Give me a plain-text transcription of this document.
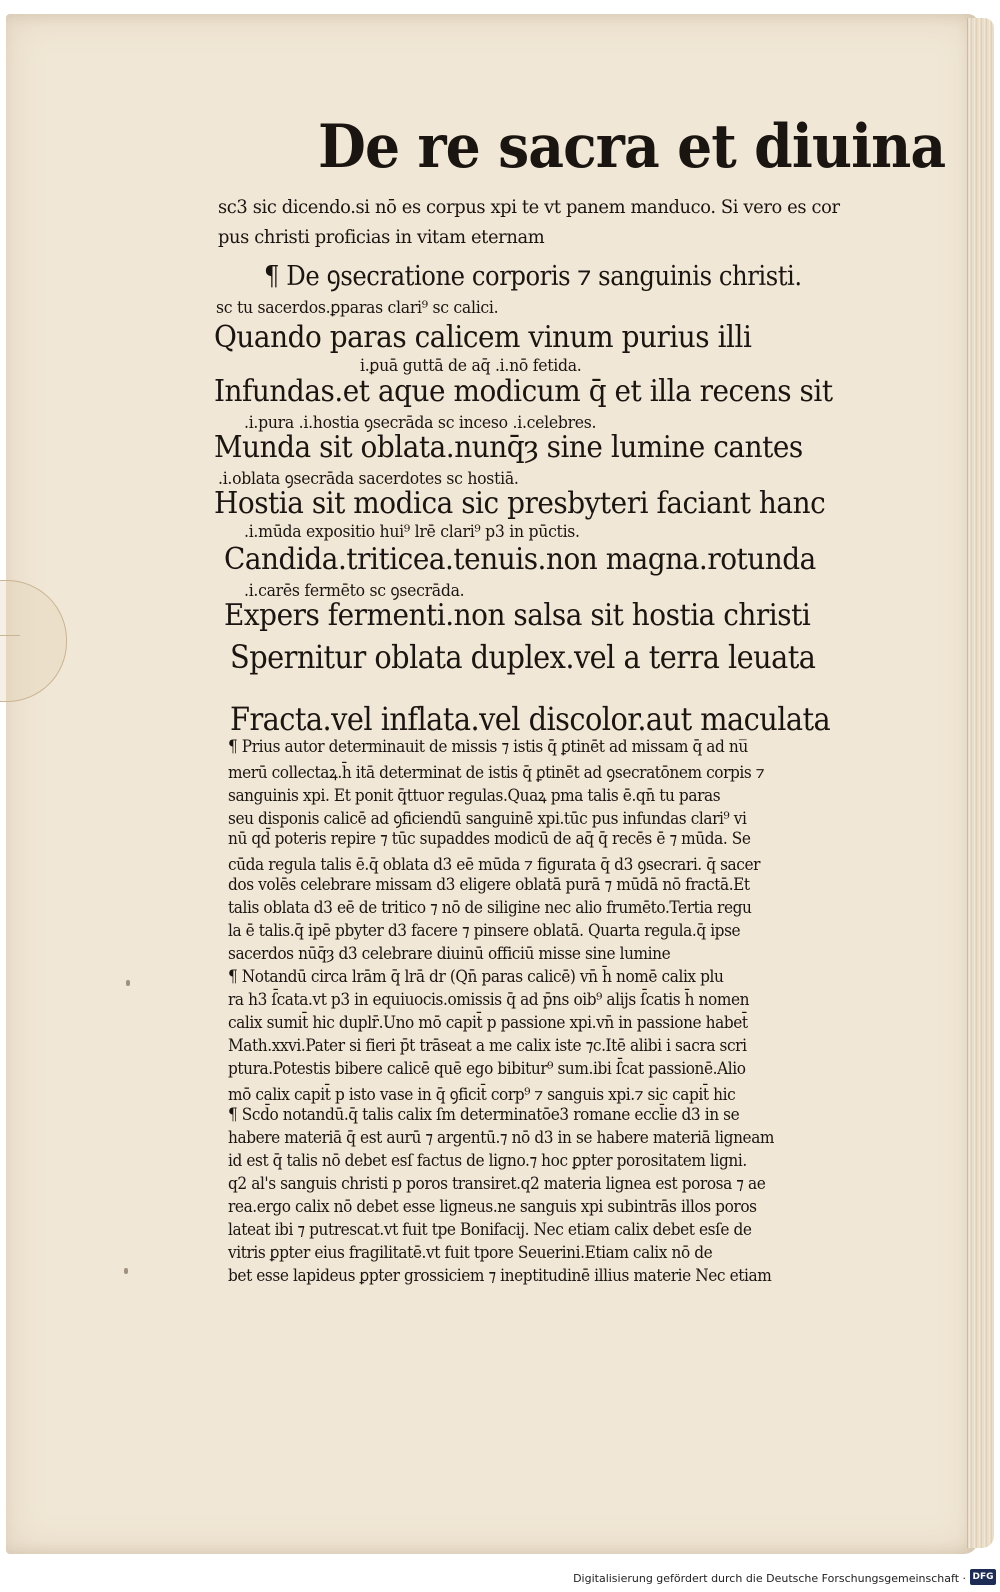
De re sacra et diuina
sc3 sic dicendo.si nō es corpus xpi te vt panem manduco. Si vero es cor
pus christi proficias in vitam eternam
¶ De ꝯsecratione corporis ⁊ sanguinis christi.
sc tu sacerdos.ꝑparas clari⁹ sc calici.
Quando paras calicem vinum purius illi
i.ꝑuā guttā de aq̄ .i.nō fetida.
Infundas.et aque modicum q̄ et illa recens sit
.i.pura .i.hostia ꝯsecrāda sc inceso .i.celebres.
Munda sit oblata.nunq̄ȝ sine lumine cantes
.i.oblata ꝯsecrāda sacerdotes sc hostiā.
Hostia sit modica sic presbyteri faciant hanc
.i.mūda expositio hui⁹ lrē clari⁹ p3 in pūctis.
Candida.triticea.tenuis.non magna.rotunda
.i.carēs fermēto sc ꝯsecrāda.
Expers fermenti.non salsa sit hostia christi
Spernitur oblata duplex.vel a terra leuata
Fracta.vel inflata.vel discolor.aut maculata
¶ Prius autor determinauit de missis ⁊ istis q̄ ꝑtinēt ad missam q̄ ad nu̅
merū collectaꝝ.h̄ itā determinat de istis q̄ ꝑtinēt ad ꝯsecratōnem corpis ⁊
sanguinis xpi. Et ponit q̄ttuor regulas.Quaꝝ pma talis ē.qn̄ tu paras
seu disponis calicē ad ꝯficiendū sanguinē xpi.tūc pus infundas clari⁹ vi
nū qd̄ poteris repire ⁊ tūc supaddes modicū de aq̄ q̄ recēs ē ⁊ mūda. Se
cūda regula talis ē.q̄ oblata d3 eē mūda ⁊ figurata q̄ d3 ꝯsecrari. q̄ sacer
dos volēs celebrare missam d3 eligere oblatā purā ⁊ mūdā nō fractā.Et
talis oblata d3 eē de tritico ⁊ nō de siligine nec alio frumēto.Tertia regu
la ē talis.q̄ ipē pbyter d3 facere ⁊ pinsere oblatā. Quarta regula.q̄ ipse
sacerdos nūq̄ȝ d3 celebrare diuinū officiū misse sine lumine
¶ Notandū circa lrām q̄ lrā dr (Qn̄ paras calicē) vn̄ h̄ nomē calix plu
ra h3 ſ̄cata.vt p3 in equiuocis.omissis q̄ ad p̄ns oib⁹ alijs ſ̄catis h̄ nomen
calix sumit̄ hic duplr̄.Uno mō capit̄ p passione xpi.vn̄ in passione habet̄
Math.xxvi.Pater si fieri p̄t trāseat a me calix iste ⁊c.Itē alibi i sacra scri
ptura.Potestis bibere calicē quē ego bibitur⁹ sum.ibi ſ̄cat passionē.Alio
mō calix capit̄ p isto vase in q̄ ꝯficit̄ corp⁹ ⁊ sanguis xpi.⁊ sic capit̄ hic
¶ Scd̄o notandū.q̄ talis calix ſm determinatōe3 romane eccl̄ie d3 in se
habere materiā q̄ est aurū ⁊ argentū.⁊ nō d3 in se habere materiā ligneam
id est q̄ talis nō debet esſ factus de ligno.⁊ hoc ꝑpter porositatem ligni.
q2 al's sanguis christi p poros transiret.q2 materia lignea est porosa ⁊ ae
rea.ergo calix nō debet esse ligneus.ne sanguis xpi subintrās illos poros
lateat ibi ⁊ putrescat.vt fuit tpe Bonifacij. Nec etiam calix debet esſe de
vitris ꝑpter eius fragilitatē.vt fuit tpore Seuerini.Etiam calix nō de
bet esse lapideus ꝑpter grossiciem ⁊ ineptitudinē illius materie Nec etiam
Digitalisierung gefördert durch die Deutsche Forschungsgemeinschaft · DFG
